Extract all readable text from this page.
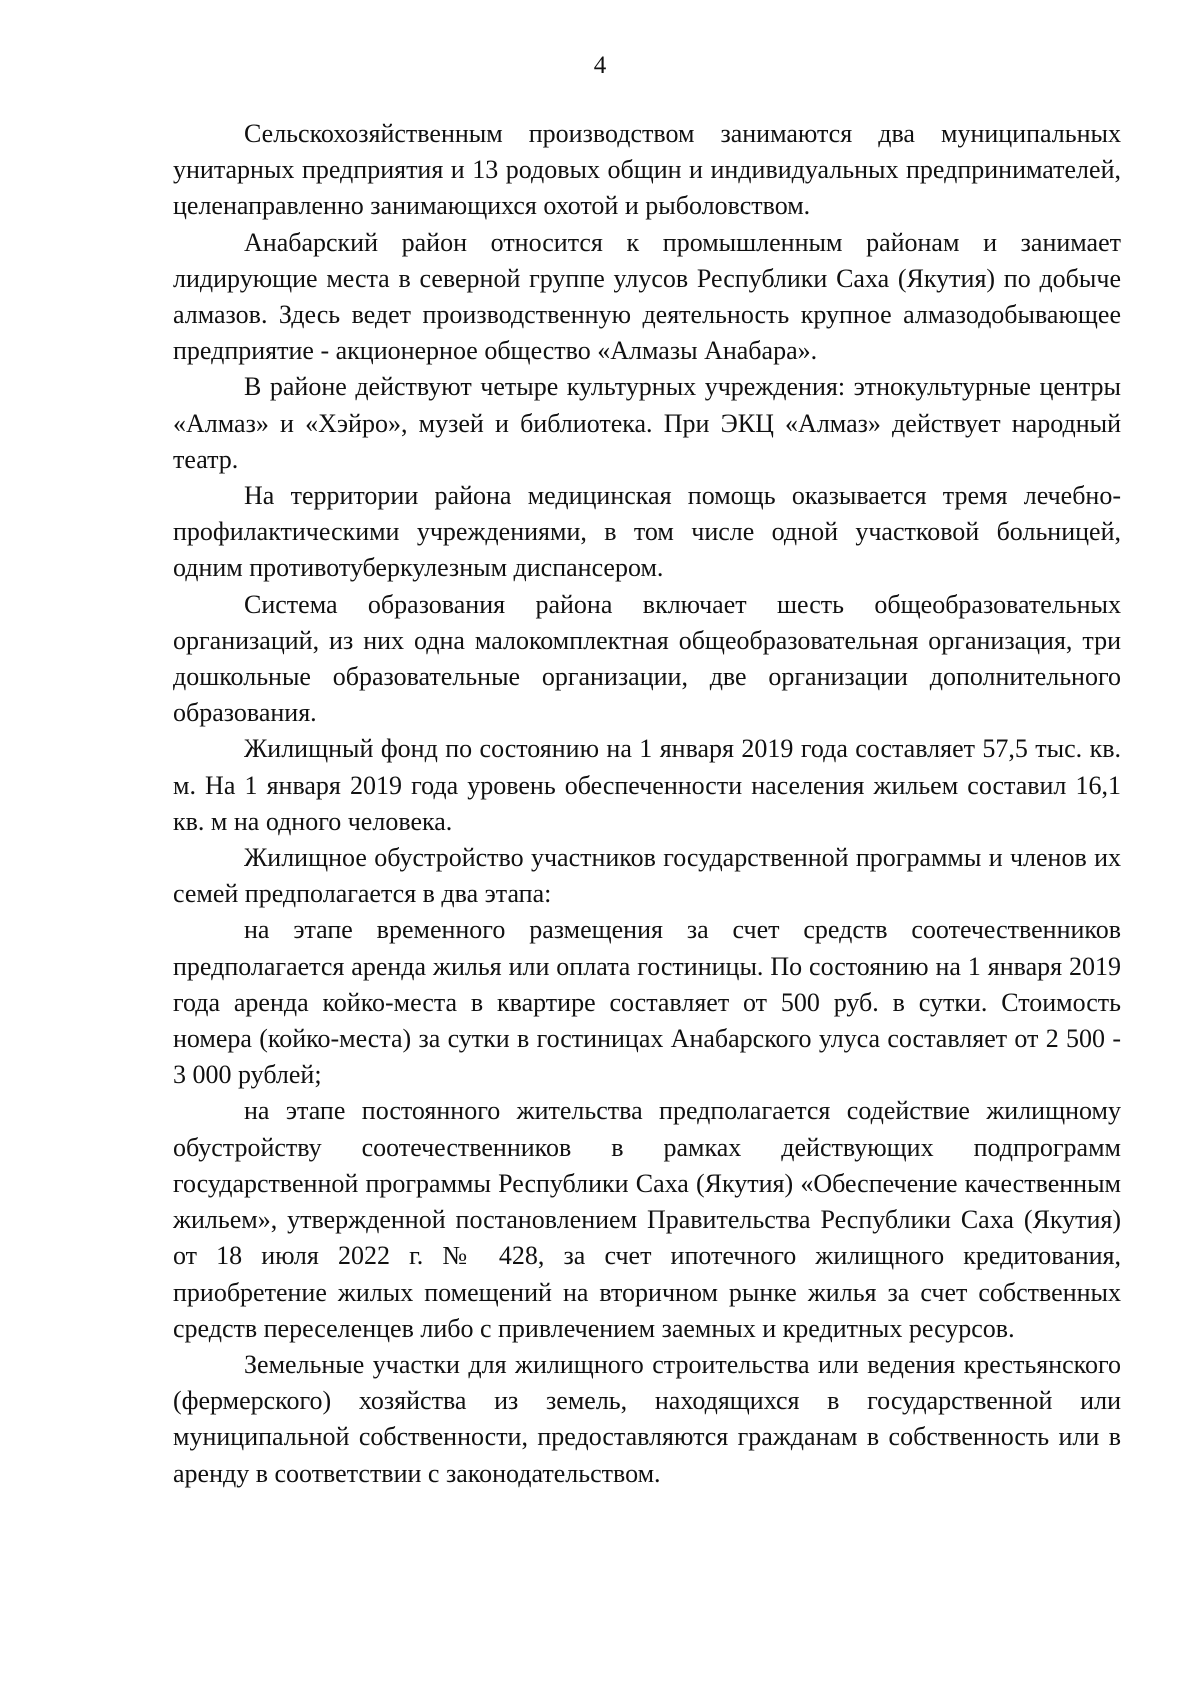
4

Сельскохозяйственным производством занимаются два муниципальных унитарных предприятия и 13 родовых общин и индивидуальных предпринимателей, целенаправленно занимающихся охотой и рыболовством.

Анабарский район относится к промышленным районам и занимает лидирующие места в северной группе улусов Республики Саха (Якутия) по добыче алмазов. Здесь ведет производственную деятельность крупное алмазодобывающее предприятие - акционерное общество «Алмазы Анабара».

В районе действуют четыре культурных учреждения: этнокультурные центры «Алмаз» и «Хэйро», музей и библиотека. При ЭКЦ «Алмаз» действует народный театр.

На территории района медицинская помощь оказывается тремя лечебно-профилактическими учреждениями, в том числе одной участковой больницей, одним противотуберкулезным диспансером.

Система образования района включает шесть общеобразовательных организаций, из них одна малокомплектная общеобразовательная организация, три дошкольные образовательные организации, две организации дополнительного образования.

Жилищный фонд по состоянию на 1 января 2019 года составляет 57,5 тыс. кв. м. На 1 января 2019 года уровень обеспеченности населения жильем составил 16,1 кв. м на одного человека.

Жилищное обустройство участников государственной программы и членов их семей предполагается в два этапа:

на этапе временного размещения за счет средств соотечественников предполагается аренда жилья или оплата гостиницы. По состоянию на 1 января 2019 года аренда койко-места в квартире составляет от 500 руб. в сутки. Стоимость номера (койко-места) за сутки в гостиницах Анабарского улуса составляет от 2 500 - 3 000 рублей;

на этапе постоянного жительства предполагается содействие жилищному обустройству соотечественников в рамках действующих подпрограмм государственной программы Республики Саха (Якутия) «Обеспечение качественным жильем», утвержденной постановлением Правительства Республики Саха (Якутия) от 18 июля 2022 г. № 428, за счет ипотечного жилищного кредитования, приобретение жилых помещений на вторичном рынке жилья за счет собственных средств переселенцев либо с привлечением заемных и кредитных ресурсов.

Земельные участки для жилищного строительства или ведения крестьянского (фермерского) хозяйства из земель, находящихся в государственной или муниципальной собственности, предоставляются гражданам в собственность или в аренду в соответствии с законодательством.
